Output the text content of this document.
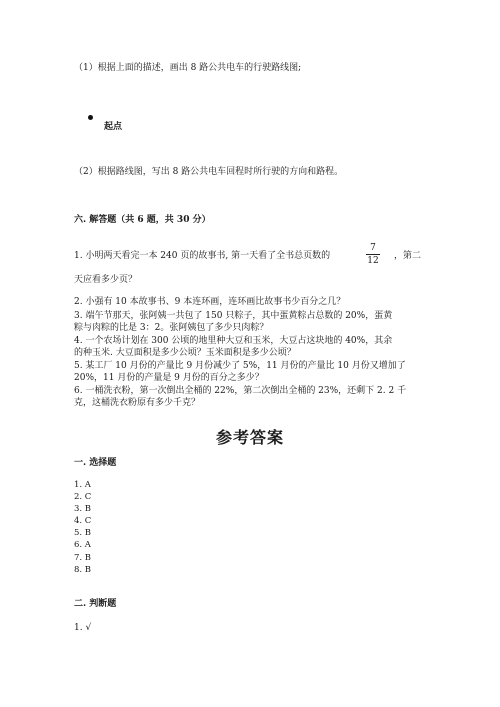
（1）根据上面的描述，画出 8 路公共电车的行驶路线图;
起点
（2）根据路线图，写出 8 路公共电车回程时所行驶的方向和路程。
六. 解答题（共 6 题，共 30 分）
1. 小明两天看完一本 240 页的故事书, 第一天看了全书总页数的
7
12 ，第二
天应看多少页？
2. 小强有 10 本故事书、9 本连环画，连环画比故事书少百分之几？
3. 端午节那天，张阿姨一共包了 150 只粽子，其中蛋黄粽占总数的 20%，蛋黄
粽与肉粽的比是 3：2。张阿姨包了多少只肉粽？
4. 一个农场计划在 300 公顷的地里种大豆和玉米，大豆占这块地的 40%，其余
的种玉米. 大豆面积是多少公顷？玉米面积是多少公顷？
5. 某工厂 10 月份的产量比 9 月份减少了 5%，11 月份的产量比 10 月份又增加了
20%，11 月份的产量是 9 月份的百分之多少？
6. 一桶洗衣粉，第一次倒出全桶的 22%，第二次倒出全桶的 23%，还剩下 2. 2 千
克，这桶洗衣粉原有多少千克？
参考答案
一. 选择题
1. A
2. C
3. B
4. C
5. B
6. A
7. B
8. B
二. 判断题
1. √
